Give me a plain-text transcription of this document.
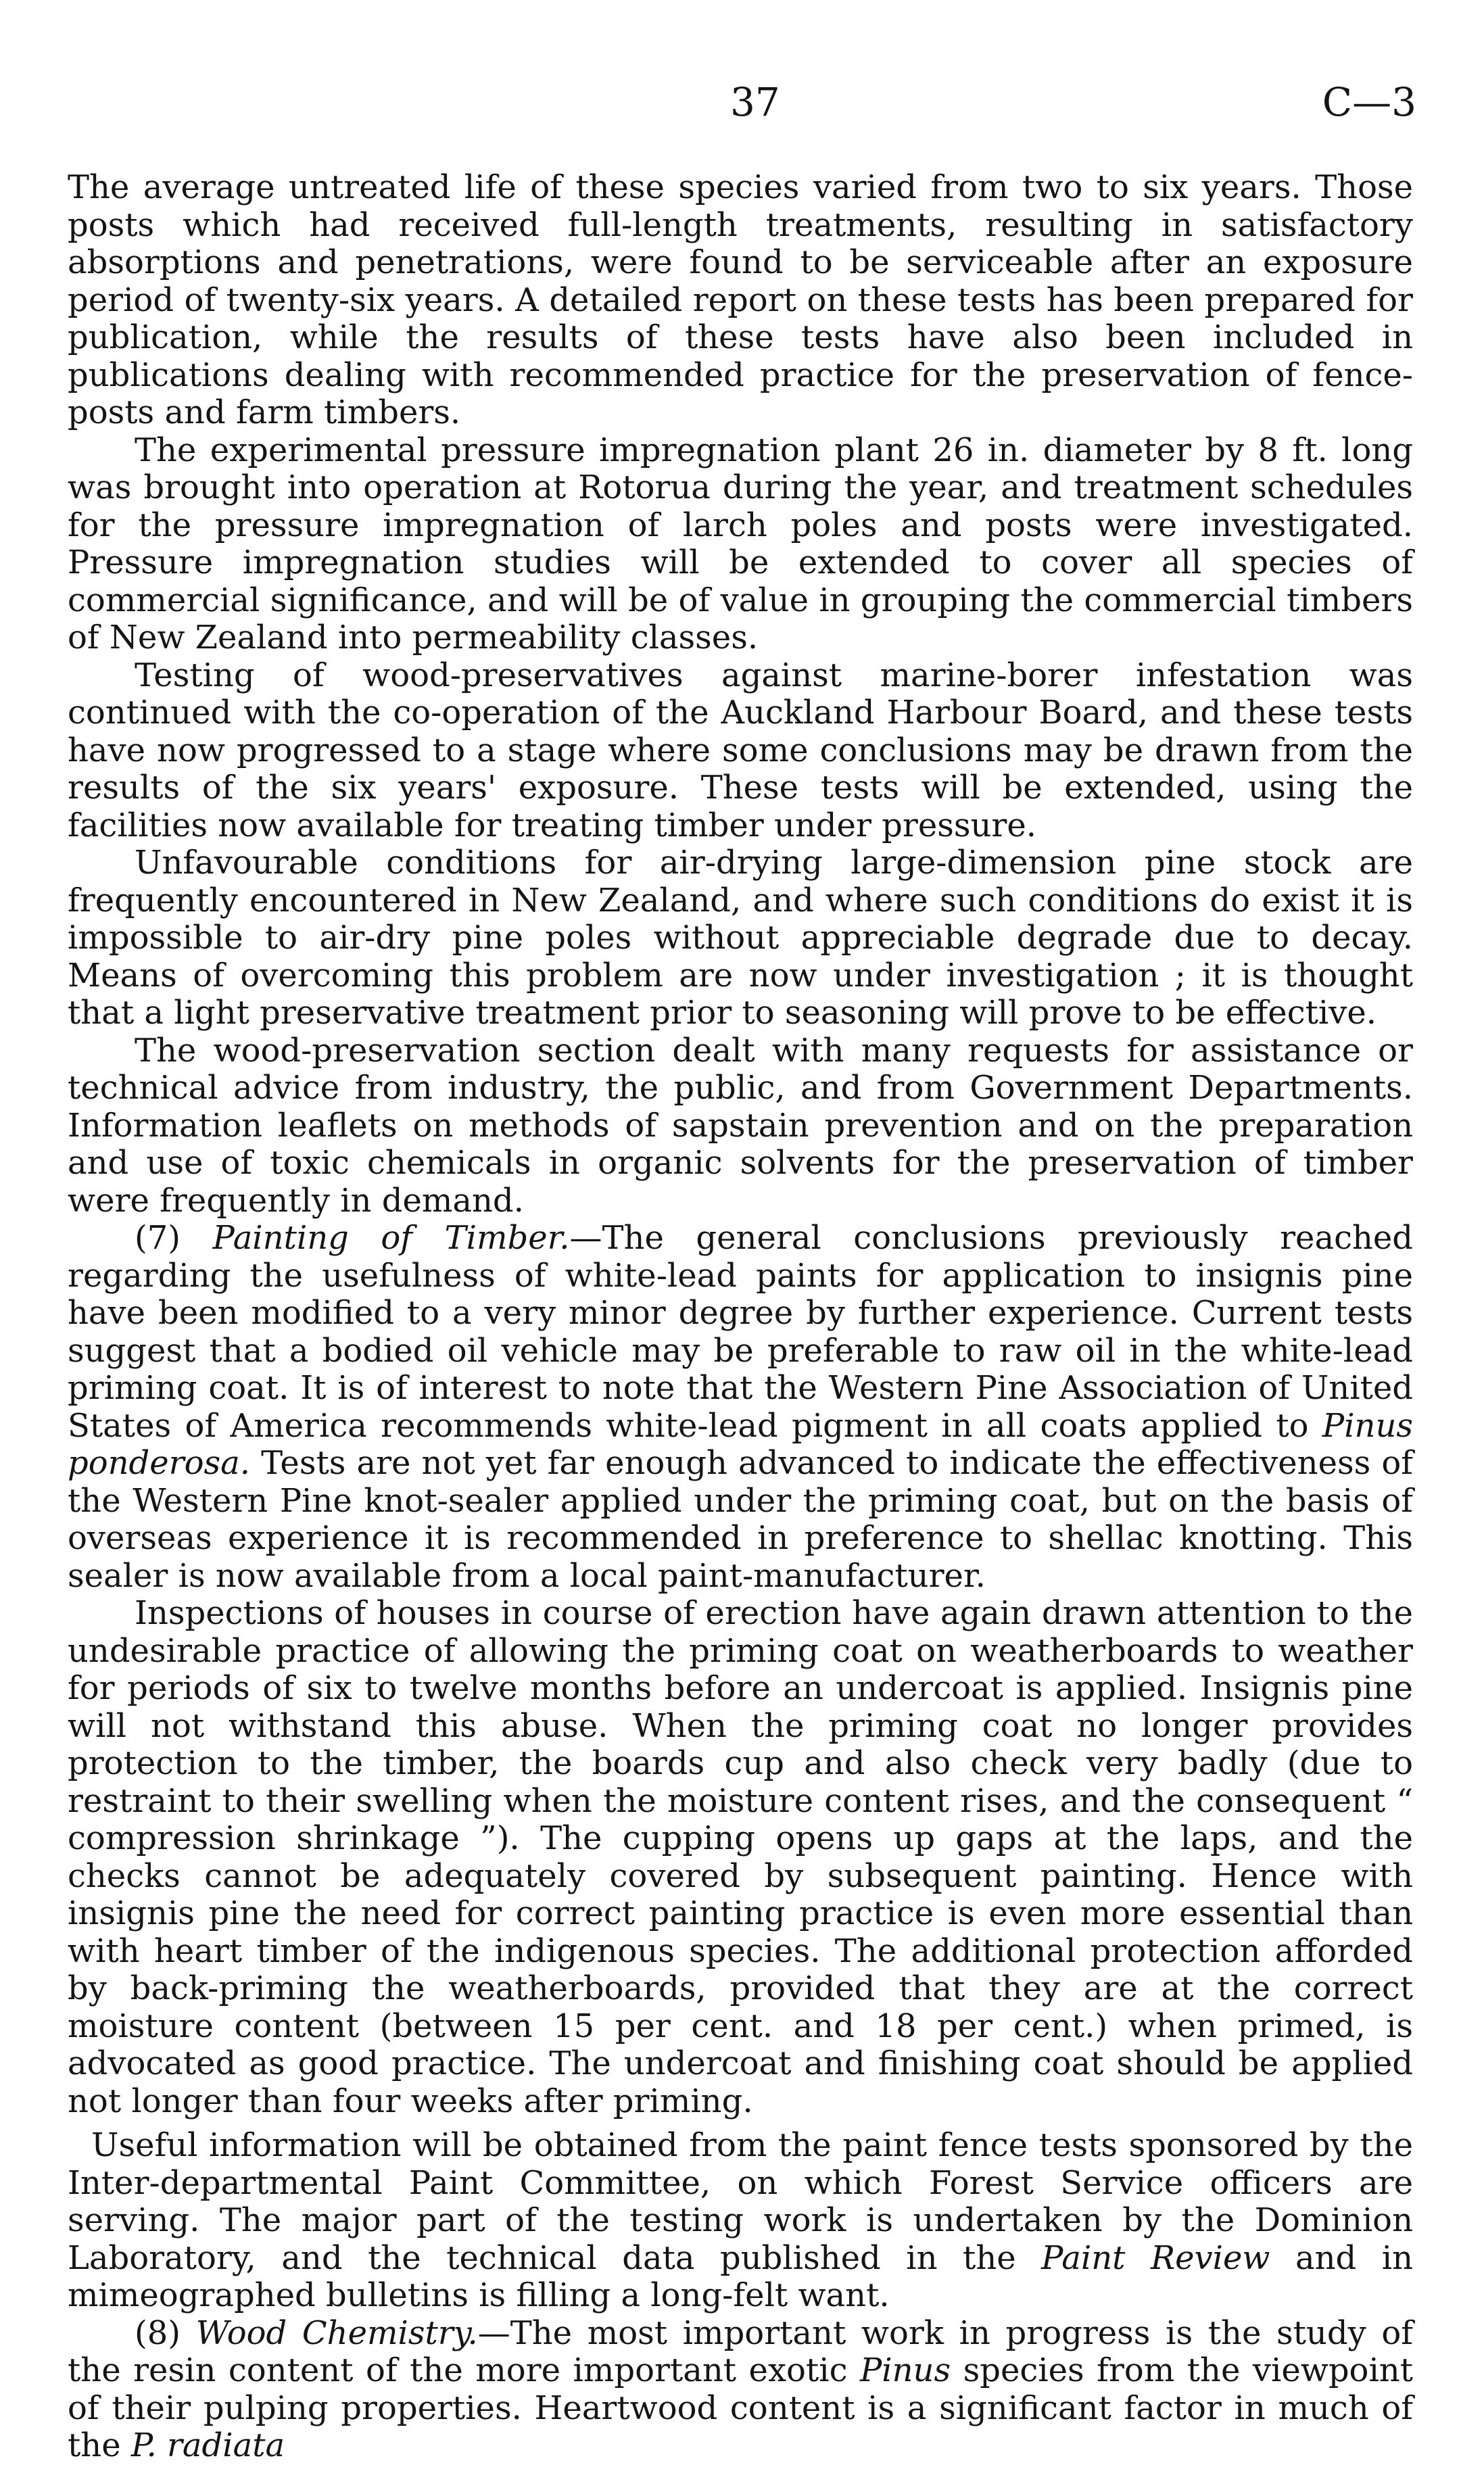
37	C—3

The average untreated life of these species varied from two to six years. Those posts which had received full-length treatments, resulting in satisfactory absorptions and penetrations, were found to be serviceable after an exposure period of twenty-six years. A detailed report on these tests has been prepared for publication, while the results of these tests have also been included in publications dealing with recommended practice for the preservation of fence-posts and farm timbers.

The experimental pressure impregnation plant 26 in. diameter by 8 ft. long was brought into operation at Rotorua during the year, and treatment schedules for the pressure impregnation of larch poles and posts were investigated. Pressure impregnation studies will be extended to cover all species of commercial significance, and will be of value in grouping the commercial timbers of New Zealand into permeability classes.

Testing of wood-preservatives against marine-borer infestation was continued with the co-operation of the Auckland Harbour Board, and these tests have now progressed to a stage where some conclusions may be drawn from the results of the six years' exposure. These tests will be extended, using the facilities now available for treating timber under pressure.

Unfavourable conditions for air-drying large-dimension pine stock are frequently encountered in New Zealand, and where such conditions do exist it is impossible to air-dry pine poles without appreciable degrade due to decay. Means of overcoming this problem are now under investigation ; it is thought that a light preservative treatment prior to seasoning will prove to be effective.

The wood-preservation section dealt with many requests for assistance or technical advice from industry, the public, and from Government Departments. Information leaflets on methods of sapstain prevention and on the preparation and use of toxic chemicals in organic solvents for the preservation of timber were frequently in demand.

(7) Painting of Timber.—The general conclusions previously reached regarding the usefulness of white-lead paints for application to insignis pine have been modified to a very minor degree by further experience. Current tests suggest that a bodied oil vehicle may be preferable to raw oil in the white-lead priming coat. It is of interest to note that the Western Pine Association of United States of America recommends white-lead pigment in all coats applied to Pinus ponderosa. Tests are not yet far enough advanced to indicate the effectiveness of the Western Pine knot-sealer applied under the priming coat, but on the basis of overseas experience it is recommended in preference to shellac knotting. This sealer is now available from a local paint-manufacturer.

Inspections of houses in course of erection have again drawn attention to the undesirable practice of allowing the priming coat on weatherboards to weather for periods of six to twelve months before an undercoat is applied. Insignis pine will not withstand this abuse. When the priming coat no longer provides protection to the timber, the boards cup and also check very badly (due to restraint to their swelling when the moisture content rises, and the consequent “ compression shrinkage ”). The cupping opens up gaps at the laps, and the checks cannot be adequately covered by subsequent painting. Hence with insignis pine the need for correct painting practice is even more essential than with heart timber of the indigenous species. The additional protection afforded by back-priming the weatherboards, provided that they are at the correct moisture content (between 15 per cent. and 18 per cent.) when primed, is advocated as good practice. The undercoat and finishing coat should be applied not longer than four weeks after priming.

Useful information will be obtained from the paint fence tests sponsored by the Inter-departmental Paint Committee, on which Forest Service officers are serving. The major part of the testing work is undertaken by the Dominion Laboratory, and the technical data published in the Paint Review and in mimeographed bulletins is filling a long-felt want.

(8) Wood Chemistry.—The most important work in progress is the study of the resin content of the more important exotic Pinus species from the viewpoint of their pulping properties. Heartwood content is a significant factor in much of the P. radiata
